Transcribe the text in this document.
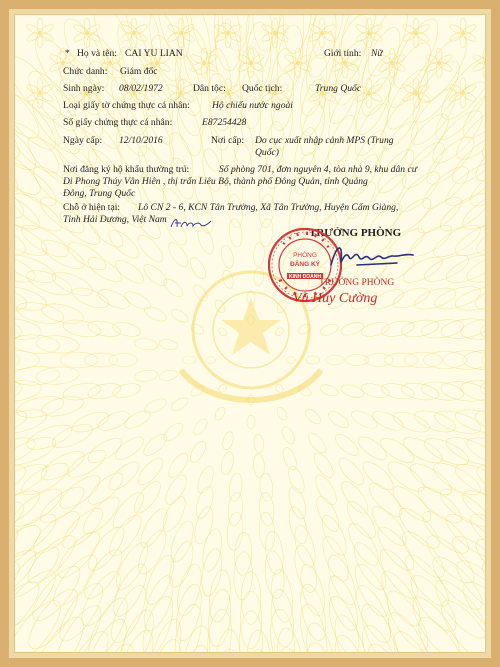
* Họ và tên: CAI YU LIAN	Giới tính: Nữ
Chức danh: Giám đốc
Sinh ngày: 08/02/1972	Dân tộc: Quốc tịch:	Trung Quốc
Loại giấy tờ chứng thực cá nhân: Hộ chiếu nước ngoài
Số giấy chứng thực cá nhân:	E87254428
Ngày cấp: 12/10/2016	Nơi cấp: Do cục xuất nhập cảnh MPS (Trung
Quốc)
Nơi đăng ký hộ khẩu thường trú:	Số phòng 701, đơn nguyên 4, tòa nhà 9, khu dân cư
Di Phong Thúy Vân Hiên , thị trấn Liêu Bộ, thành phố Đông Quản, tỉnh Quảng
Đông, Trung Quốc
Chỗ ở hiện tại: Lô CN 2 - 6, KCN Tân Trường, Xã Tân Trường, Huyện Cẩm Giàng,
Tỉnh Hải Dương, Việt Nam
TRƯỞNG PHÒNG
PHÒNG
ĐĂNG KÝ
KINH DOANH
TRƯỞNG PHÒNG
Vũ Huy Cường
